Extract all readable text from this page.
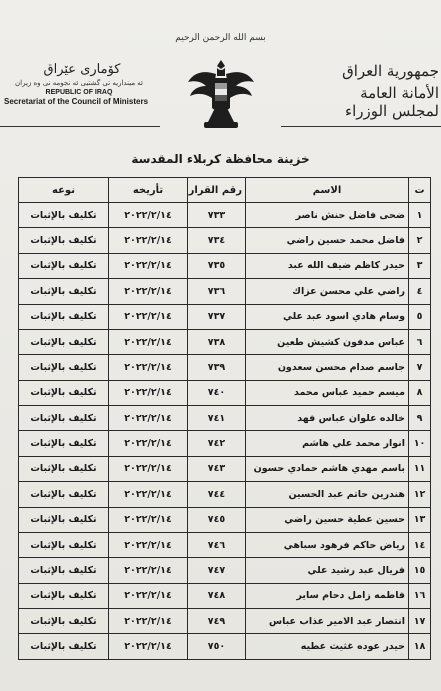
بسم الله الرحمن الرحيم
كۆماری عێراق
ئه مینداریه تی گشتیی ئه نجومه نی وه زیران
REPUBLIC OF IRAQ
Secretariat of the Council of Ministers
جمهورية العراق
الأمانة العامة لمجلس الوزراء
خزينة محافظة كربلاء المقدسة
ت	الاسم	رقم القرار	تأريخه	نوعه
١	ضحى فاضل حنش ناصر	٧٣٣	٢٠٢٢/٢/١٤	تكليف بالإثبات
٢	فاضل محمد حسين راضي	٧٣٤	٢٠٢٢/٢/١٤	تكليف بالإثبات
٣	حيدر كاظم ضيف الله عبد	٧٣٥	٢٠٢٢/٢/١٤	تكليف بالإثبات
٤	راضي علي محسن عزاك	٧٣٦	٢٠٢٢/٢/١٤	تكليف بالإثبات
٥	وسام هادي اسود عبد علي	٧٣٧	٢٠٢٢/٢/١٤	تكليف بالإثبات
٦	عباس مدفون كشيش طعين	٧٣٨	٢٠٢٢/٢/١٤	تكليف بالإثبات
٧	جاسم صدام محسن سعدون	٧٣٩	٢٠٢٢/٢/١٤	تكليف بالإثبات
٨	ميسم حميد عباس محمد	٧٤٠	٢٠٢٢/٢/١٤	تكليف بالإثبات
٩	خالده علوان عباس فهد	٧٤١	٢٠٢٢/٢/١٤	تكليف بالإثبات
١٠	انوار محمد علي هاشم	٧٤٢	٢٠٢٢/٢/١٤	تكليف بالإثبات
١١	باسم مهدي هاشم حمادي حسون	٧٤٣	٢٠٢٢/٢/١٤	تكليف بالإثبات
١٢	هندرين حاتم عبد الحسين	٧٤٤	٢٠٢٢/٢/١٤	تكليف بالإثبات
١٣	حسين عطية حسين راضي	٧٤٥	٢٠٢٢/٢/١٤	تكليف بالإثبات
١٤	رياض حاكم فرهود سباهي	٧٤٦	٢٠٢٢/٢/١٤	تكليف بالإثبات
١٥	فريال عبد رشيد علي	٧٤٧	٢٠٢٢/٢/١٤	تكليف بالإثبات
١٦	فاطمه زامل دحام ساير	٧٤٨	٢٠٢٢/٢/١٤	تكليف بالإثبات
١٧	انتصار عبد الامير عذاب عباس	٧٤٩	٢٠٢٢/٢/١٤	تكليف بالإثبات
١٨	حيدر عوده غثيث عطيه	٧٥٠	٢٠٢٢/٢/١٤	تكليف بالإثبات
